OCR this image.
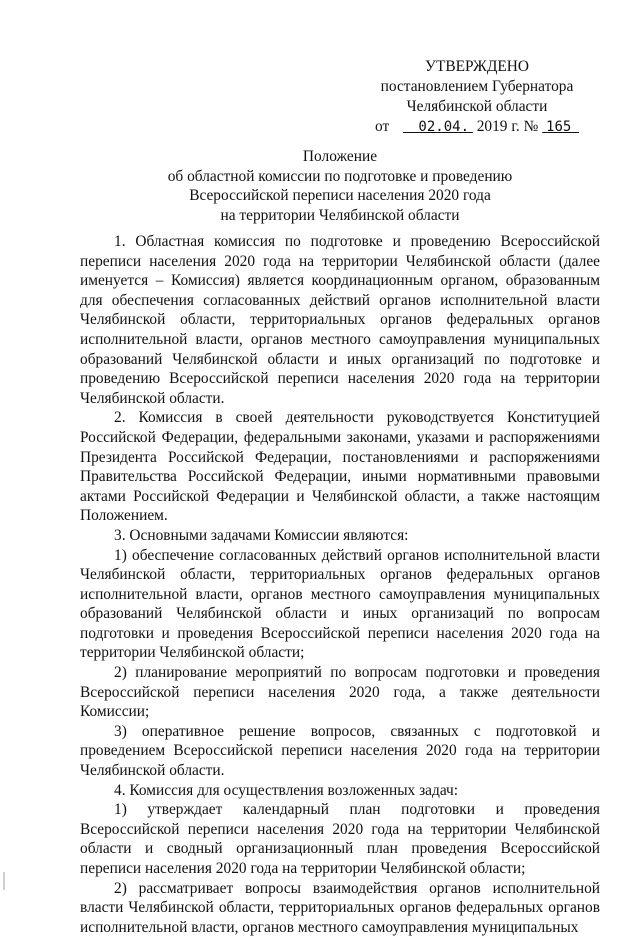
УТВЕРЖДЕНО
постановлением Губернатора
Челябинской области
от 02.04. 2019 г. № 165
Положение
об областной комиссии по подготовке и проведению
Всероссийской переписи населения 2020 года
на территории Челябинской области

1. Областная комиссия по подготовке и проведению Всероссийской переписи населения 2020 года на территории Челябинской области (далее именуется – Комиссия) является координационным органом, образованным для обеспечения согласованных действий органов исполнительной власти Челябинской области, территориальных органов федеральных органов исполнительной власти, органов местного самоуправления муниципальных образований Челябинской области и иных организаций по подготовке и проведению Всероссийской переписи населения 2020 года на территории Челябинской области.

2. Комиссия в своей деятельности руководствуется Конституцией Российской Федерации, федеральными законами, указами и распоряжениями Президента Российской Федерации, постановлениями и распоряжениями Правительства Российской Федерации, иными нормативными правовыми актами Российской Федерации и Челябинской области, а также настоящим Положением.

3. Основными задачами Комиссии являются:

1) обеспечение согласованных действий органов исполнительной власти Челябинской области, территориальных органов федеральных органов исполнительной власти, органов местного самоуправления муниципальных образований Челябинской области и иных организаций по вопросам подготовки и проведения Всероссийской переписи населения 2020 года на территории Челябинской области;

2) планирование мероприятий по вопросам подготовки и проведения Всероссийской переписи населения 2020 года, а также деятельности Комиссии;

3) оперативное решение вопросов, связанных с подготовкой и проведением Всероссийской переписи населения 2020 года на территории Челябинской области.

4. Комиссия для осуществления возложенных задач:

1) утверждает календарный план подготовки и проведения Всероссийской переписи населения 2020 года на территории Челябинской области и сводный организационный план проведения Всероссийской переписи населения 2020 года на территории Челябинской области;

2) рассматривает вопросы взаимодействия органов исполнительной власти Челябинской области, территориальных органов федеральных органов исполнительной власти, органов местного самоуправления муниципальных
